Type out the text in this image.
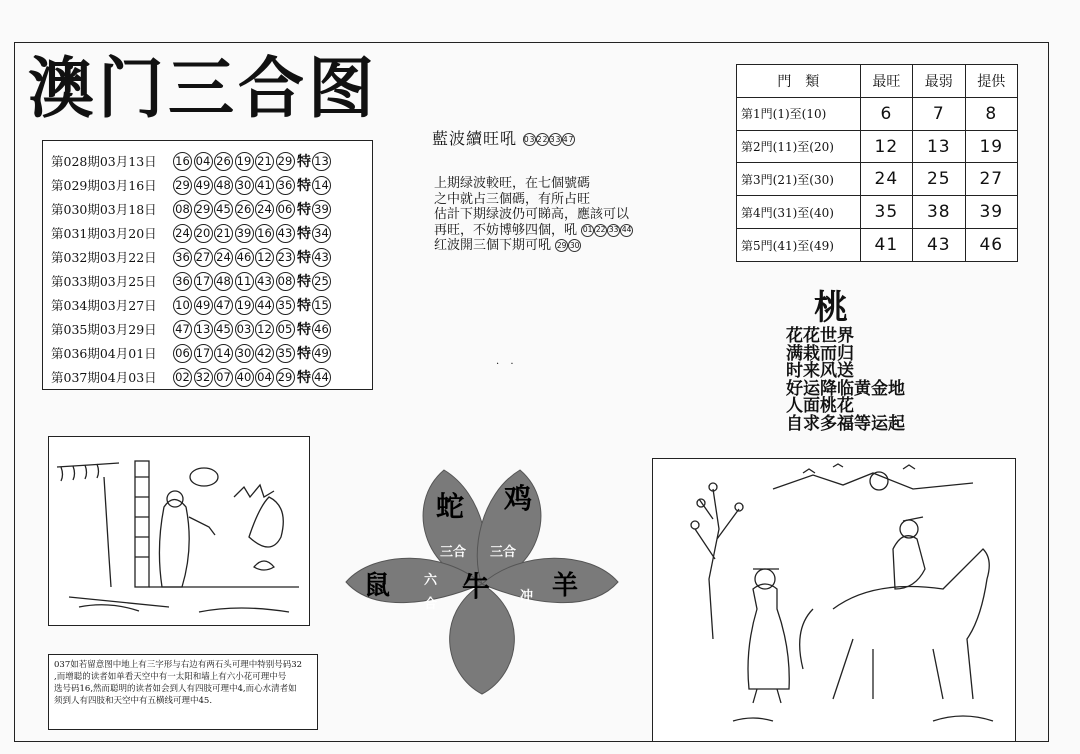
澳门三合图
第028期03月13日	16 04 26 19 21 29 特 13
第029期03月16日	29 49 48 30 41 36 特 14
第030期03月18日	08 29 45 26 24 06 特 39
第031期03月20日	24 20 21 39 16 43 特 34
第032期03月22日	36 27 24 46 12 23 特 43
第033期03月25日	36 17 48 11 43 08 特 25
第034期03月27日	10 49 47 19 44 35 特 15
第035期03月29日	47 13 45 03 12 05 特 46
第036期04月01日	06 17 14 30 42 35 特 49
第037期04月03日	02 32 07 40 04 29 特 44
藍波續旺吼 03223347
上期绿波較旺，在七個號碼
之中就占三個碼，有所占旺
估計下期绿波仍可睇高，應該可以
再旺，不妨博够四個，吼 01 22 33 44
红波開三個下期可吼 29 30
. .
門　類	最旺	最弱	提供
第1門(1)至(10)	6	7	8
第2門(11)至(20)	12	13	19
第3門(21)至(30)	24	25	27
第4門(31)至(40)	35	38	39
第5門(41)至(49)	41	43	46
桃
花花世界
满栽而归
时来风送
好运降临黄金地
人面桃花
自求多福等运起
蛇 鸡
鼠	牛 羊
三合 三合
六
合
冲
037如若留意图中地上有三字形与右边有两石头可理中特别号码32
,而增聪的读者如单看天空中有一太阳和墙上有六小花可理中号
选号码16,然而聪明的读者如会到人有四肢可理中4,而心水清者如
须到人有四肢和天空中有五横线可理中45.
